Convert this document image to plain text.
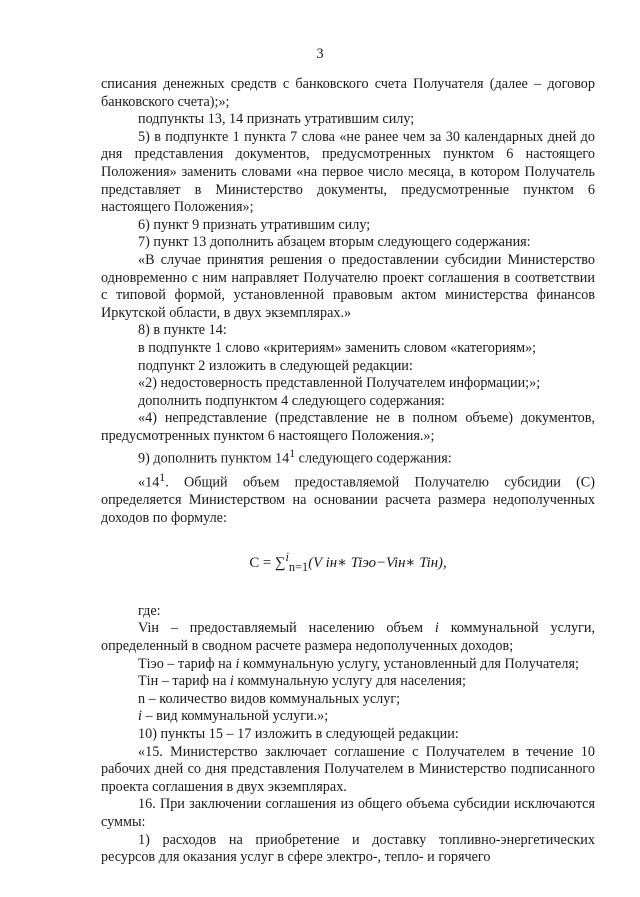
3

списания денежных средств с банковского счета Получателя (далее – договор банковского счета);»;

подпункты 13, 14 признать утратившим силу;

5) в подпункте 1 пункта 7 слова «не ранее чем за 30 календарных дней до дня представления документов, предусмотренных пунктом 6 настоящего Положения» заменить словами «на первое число месяца, в котором Получатель представляет в Министерство документы, предусмотренные пунктом 6 настоящего Положения»;

6) пункт 9 признать утратившим силу;

7) пункт 13 дополнить абзацем вторым следующего содержания:

«В случае принятия решения о предоставлении субсидии Министерство одновременно с ним направляет Получателю проект соглашения в соответствии с типовой формой, установленной правовым актом министерства финансов Иркутской области, в двух экземплярах.»

8) в пункте 14:

в подпункте 1 слово «критериям» заменить словом «категориям»;

подпункт 2 изложить в следующей редакции:

«2) недостоверность представленной Получателем информации;»;

дополнить подпунктом 4 следующего содержания:

«4) непредставление (представление не в полном объеме) документов, предусмотренных пунктом 6 настоящего Положения.»;

9) дополнить пунктом $14^1$ следующего содержания:

«$14^1$. Общий объем предоставляемой Получателю субсидии (С) определяется Министерством на основании расчета размера недополученных доходов по формуле:

C = ∑$^i_{n=1}$(V iн∗ Tiэо−Viн∗ Tiн),

где:

Viн – предоставляемый населению объем i коммунальной услуги, определенный в сводном расчете размера недополученных доходов;

Тiэо – тариф на i коммунальную услугу, установленный для Получателя;

Тiн – тариф на i коммунальную услугу для населения;

n – количество видов коммунальных услуг;

i – вид коммунальной услуги.»;

10) пункты 15 – 17 изложить в следующей редакции:

«15. Министерство заключает соглашение с Получателем в течение 10 рабочих дней со дня представления Получателем в Министерство подписанного проекта соглашения в двух экземплярах.

16. При заключении соглашения из общего объема субсидии исключаются суммы:

1) расходов на приобретение и доставку топливно-энергетических ресурсов для оказания услуг в сфере электро-, тепло- и горячего
